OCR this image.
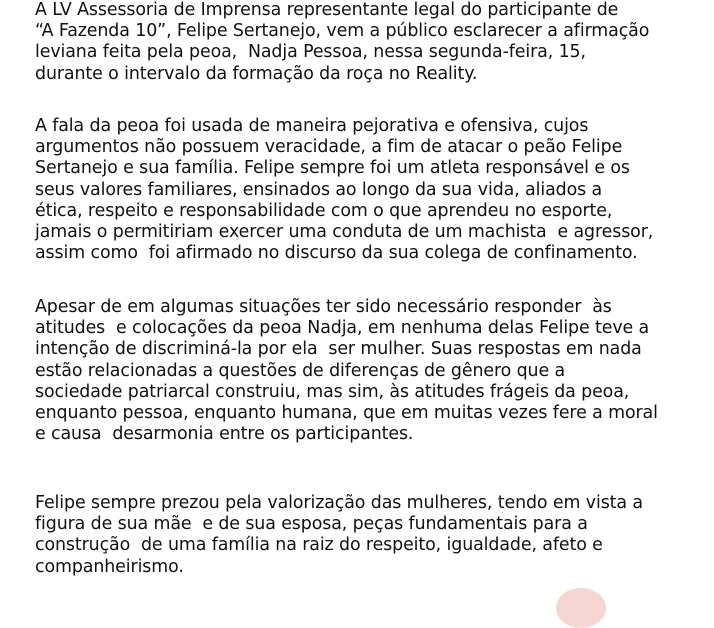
A LV Assessoria de Imprensa representante legal do participante de
“A Fazenda 10”, Felipe Sertanejo, vem a público esclarecer a afirmação
leviana feita pela peoa,  Nadja Pessoa, nessa segunda-feira, 15,
durante o intervalo da formação da roça no Reality.

A fala da peoa foi usada de maneira pejorativa e ofensiva, cujos
argumentos não possuem veracidade, a fim de atacar o peão Felipe
Sertanejo e sua família. Felipe sempre foi um atleta responsável e os
seus valores familiares, ensinados ao longo da sua vida, aliados a
ética, respeito e responsabilidade com o que aprendeu no esporte,
jamais o permitiriam exercer uma conduta de um machista  e agressor,
assim como  foi afirmado no discurso da sua colega de confinamento.

Apesar de em algumas situações ter sido necessário responder  às
atitudes  e colocações da peoa Nadja, em nenhuma delas Felipe teve a
intenção de discriminá-la por ela  ser mulher. Suas respostas em nada
estão relacionadas a questões de diferenças de gênero que a
sociedade patriarcal construiu, mas sim, às atitudes frágeis da peoa,
enquanto pessoa, enquanto humana, que em muitas vezes fere a moral
e causa  desarmonia entre os participantes.

Felipe sempre prezou pela valorização das mulheres, tendo em vista a
figura de sua mãe  e de sua esposa, peças fundamentais para a
construção  de uma família na raiz do respeito, igualdade, afeto e
companheirismo.
